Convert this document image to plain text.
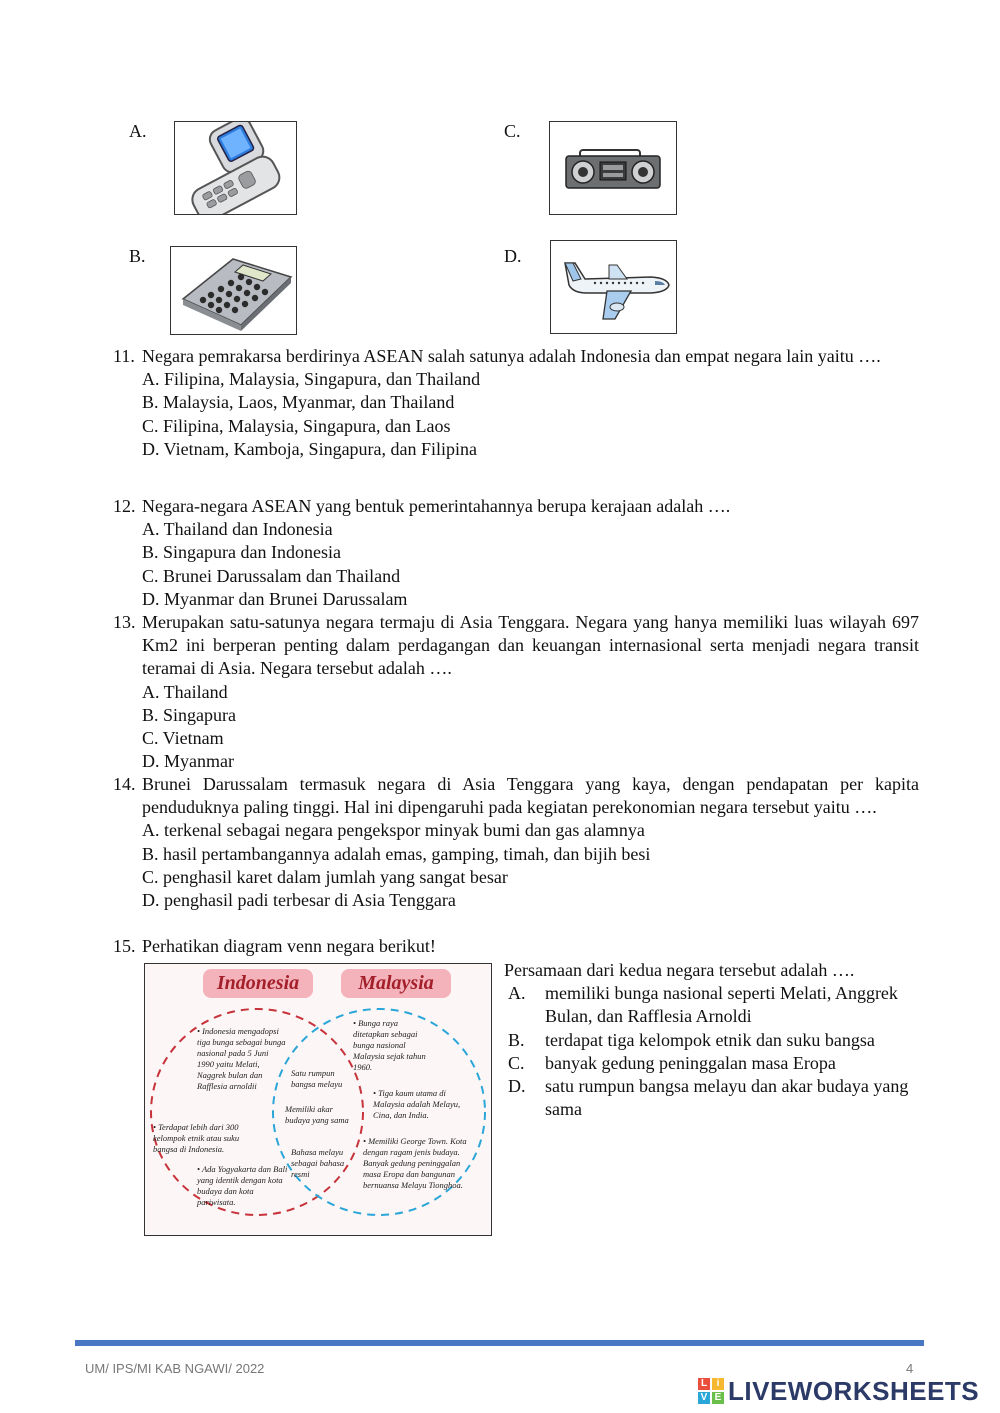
A.
B.
C.
D.
11. Negara pemrakarsa berdirinya ASEAN salah satunya adalah Indonesia dan empat negara lain yaitu ….
A. Filipina, Malaysia, Singapura, dan Thailand
B. Malaysia, Laos, Myanmar, dan Thailand
C. Filipina, Malaysia, Singapura, dan Laos
D. Vietnam, Kamboja, Singapura, dan Filipina
12. Negara-negara ASEAN yang bentuk pemerintahannya berupa kerajaan adalah ….
A. Thailand dan Indonesia
B. Singapura dan Indonesia
C. Brunei Darussalam dan Thailand
D. Myanmar dan Brunei Darussalam
13. Merupakan satu-satunya negara termaju di Asia Tenggara. Negara yang hanya memiliki luas wilayah 697 Km2 ini berperan penting dalam perdagangan dan keuangan internasional serta menjadi negara transit teramai di Asia. Negara tersebut adalah ….
A. Thailand
B. Singapura
C. Vietnam
D. Myanmar
14. Brunei Darussalam termasuk negara di Asia Tenggara yang kaya, dengan pendapatan per kapita penduduknya paling tinggi. Hal ini dipengaruhi pada kegiatan perekonomian negara tersebut yaitu ….
A. terkenal sebagai negara pengekspor minyak bumi dan gas alamnya
B. hasil pertambangannya adalah emas, gamping, timah, dan bijih besi
C. penghasil karet dalam jumlah yang sangat besar
D. penghasil padi terbesar di Asia Tenggara
15. Perhatikan diagram venn negara berikut!
Indonesia	Malaysia
• Indonesia mengadopsi tiga bunga sebagai bunga nasional pada 5 Juni 1990 yaitu Melati, Naggrek bulan dan Rafflesia arnoldii
• Terdapat lebih dari 300 kelompok etnik atau suku bangsa di Indonesia.
• Ada Yogyakarta dan Bali yang identik dengan kota budaya dan kota pariwisata.
Satu rumpun bangsa melayu
Memiliki akar budaya yang sama
Bahasa melayu sebagai bahasa resmi
• Bunga raya ditetapkan sebagai bunga nasional Malaysia sejak tahun 1960.
• Tiga kaum utama di Malaysia adalah Melayu, Cina, dan India.
• Memiliki George Town. Kota dengan ragam jenis budaya. Banyak gedung peninggalan masa Eropa dan bangunan bernuansa Melayu Tionghoa.
Persamaan dari kedua negara tersebut adalah ….
A. memiliki bunga nasional seperti Melati, Anggrek Bulan, dan Rafflesia Arnoldi
B. terdapat tiga kelompok etnik dan suku bangsa
C. banyak gedung peninggalan masa Eropa
D. satu rumpun bangsa melayu dan akar budaya yang sama
UM/ IPS/MI KAB NGAWI/ 2022	4
L i
V E LIVEWORKSHEETS
